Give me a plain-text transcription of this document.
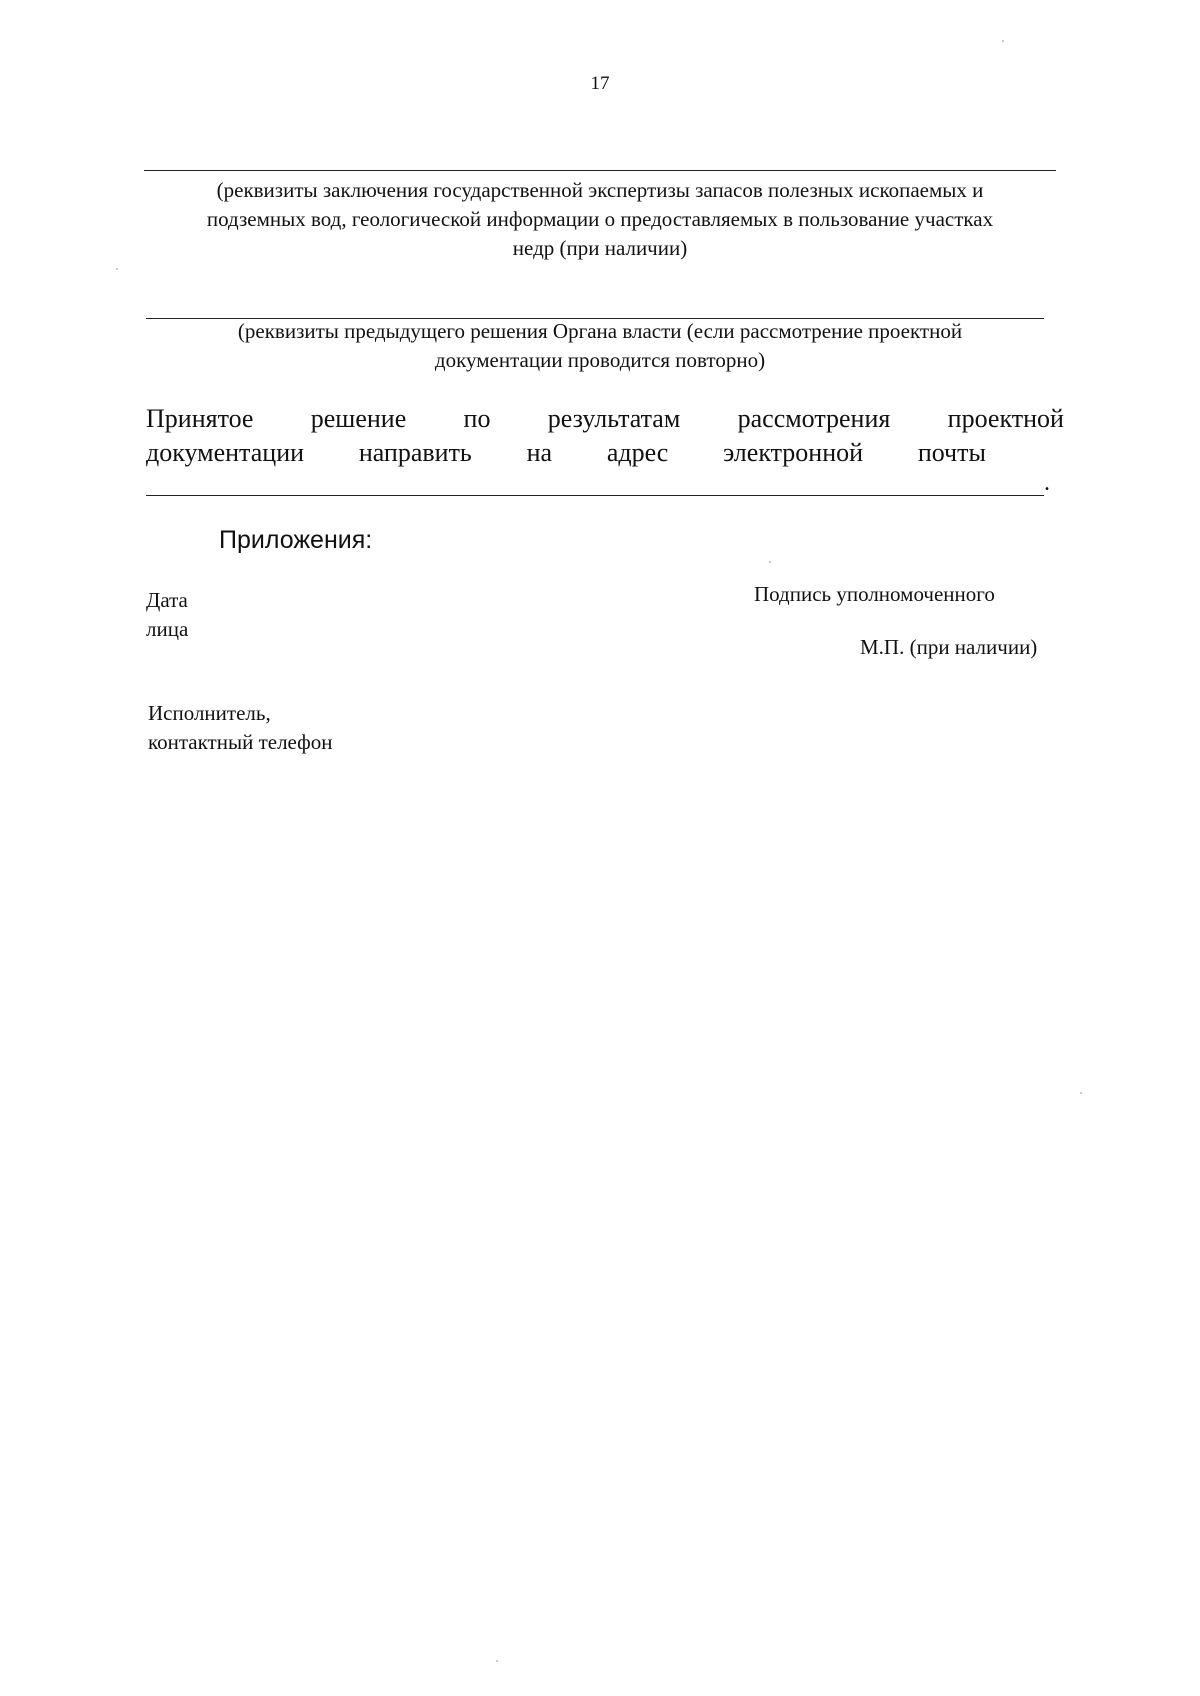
17
(реквизиты заключения государственной экспертизы запасов полезных ископаемых и
подземных вод, геологической информации о предоставляемых в пользование участках
недр (при наличии)
(реквизиты предыдущего решения Органа власти (если рассмотрение проектной
документации проводится повторно)
Принятое решение по результатам рассмотрения проектной
документации направить на адрес электронной почты
.
Приложения:
Дата	Подпись уполномоченного
лица
М.П. (при наличии)
Исполнитель,
контактный телефон
